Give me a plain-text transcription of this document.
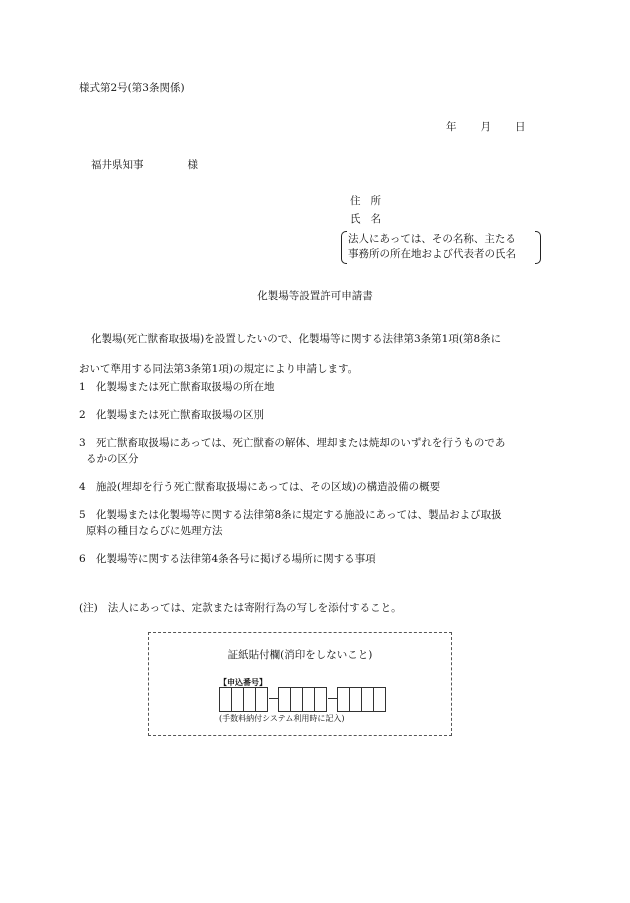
様式第2号(第3条関係)
年 月 日
福井県知事	様
住所
氏名
法人にあっては、その名称、主たる
事務所の所在地および代表者の氏名
化製場等設置許可申請書
化製場(死亡獣畜取扱場)を設置したいので、化製場等に関する法律第3条第1項(第8条に
おいて準用する同法第3条第1項)の規定により申請します。
1 化製場または死亡獣畜取扱場の所在地
2 化製場または死亡獣畜取扱場の区別
3 死亡獣畜取扱場にあっては、死亡獣畜の解体、埋却または焼却のいずれを行うものであ
るかの区分
4 施設(埋却を行う死亡獣畜取扱場にあっては、その区域)の構造設備の概要
5 化製場または化製場等に関する法律第8条に規定する施設にあっては、製品および取扱
原料の種目ならびに処理方法
6 化製場等に関する法律第4条各号に掲げる場所に関する事項
(注) 法人にあっては、定款または寄附行為の写しを添付すること。
証紙貼付欄(消印をしないこと)
【申込番号】
(手数料納付システム利用時に記入)
